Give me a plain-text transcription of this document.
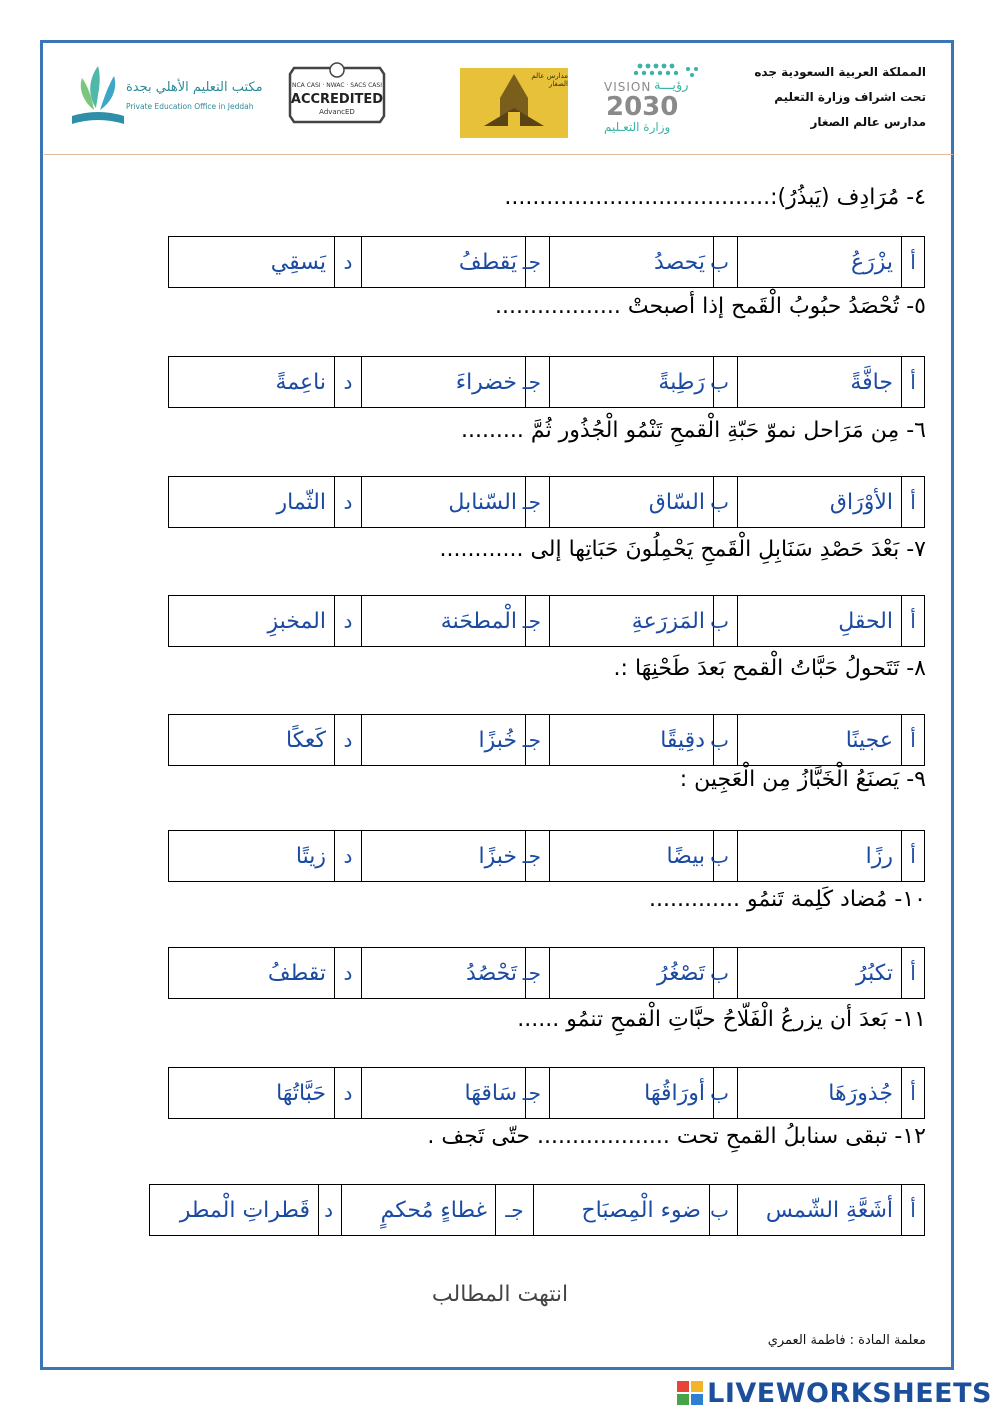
المملكة العربية السعودية جده
تحت اشراف وزارة التعليم
مدارس عالم الصغار
VISION رؤيـــة
2030
وزارة التعـليم
مدارس عالم الصغار
NCA CASI · NWAC · SACS CASI
ACCREDITED
AdvancED
مكتب التعليم الأهلي بجدة
Private Education Office in Jeddah
٤- مُرَادِف (يَبذُرُ):......................................
أ	يزْرَعُ	ب	يَحصدُ	جـ	يَقطفُ	د	يَسقِي
٥- تُحْصَدُ حبُوبُ الْقَمح إذا أصبحتْ ..................
أ	جافَّةً	ب	رَطِبةً	جـ	خضراءَ	د	ناعِمةً
٦- مِن مَرَاحل نموّ حَبّةِ الْقمحِ تَنْمُو الْجُذُور ثُمَّ .........
أ	الأوْرَاق	ب	السّاق	جـ	السّنابل	د	الثّمار
٧- بَعْدَ حَصْدِ سَنَابِلِ الْقَمحِ يَحْمِلُونَ حَبَاتِها إلى ............
أ	الحقلِ	ب	المَزرَعةِ	جـ	الْمطحَنة	د	المخبزِ
٨- تَتَحولُ حَبَّاتُ الْقمح بَعدَ طَحْنِهَا :.
أ	عجينًا	ب	دقِيقًا	جـ	خُبزًا	د	كَعكًا
٩- يَصنَعُ الْخَبَّازُ مِن الْعَجِين :
أ	رزًا	ب	بيضًا	جـ	خبزًا	د	زيتًا
١٠- مُضاد كَلِمة تَنمُو .............
أ	تكبُرُ	ب	تَصْغُرُ	جـ	تَحْصُدُ	د	تقطفُ
١١- بَعدَ أن يزرعُ الْفَلّاحُ حبَّاتِ الْقمحِ تنمُو ......
أ	جُذورَهَا	ب	أورَاقُهَا	جـ	سَاقهَا	د	حَبَّاتُهَا
١٢- تبقى سنابلُ القمحِ تحت ................... حتّى تَجف .
أ	أشَعَّةِ الشّمس	ب	ضوء الْمِصبَاح	جـ	غطاءٍ مُحكمٍ	د	قَطراتِ الْمطر
انتهت المطالب
معلمة المادة : فاطمة العمري
LIVEWORKSHEETS
